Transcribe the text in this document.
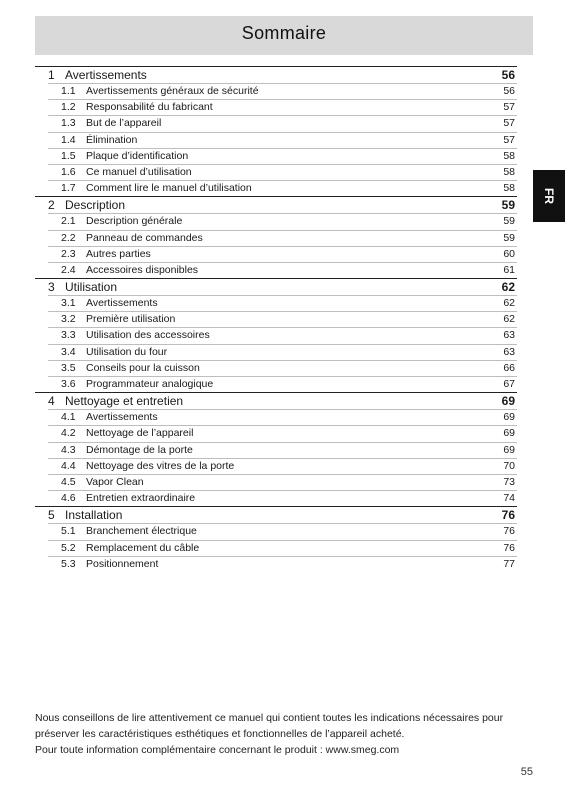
Sommaire
FR
1 Avertissements	56
1.1 Avertissements généraux de sécurité	56
1.2 Responsabilité du fabricant	57
1.3 But de l’appareil	57
1.4 Élimination	57
1.5 Plaque d’identification	58
1.6 Ce manuel d’utilisation	58
1.7 Comment lire le manuel d’utilisation	58
2 Description	59
2.1 Description générale	59
2.2 Panneau de commandes	59
2.3 Autres parties	60
2.4 Accessoires disponibles	61
3 Utilisation	62
3.1 Avertissements	62
3.2 Première utilisation	62
3.3 Utilisation des accessoires	63
3.4 Utilisation du four	63
3.5 Conseils pour la cuisson	66
3.6 Programmateur analogique	67
4 Nettoyage et entretien	69
4.1 Avertissements	69
4.2 Nettoyage de l’appareil	69
4.3 Démontage de la porte	69
4.4 Nettoyage des vitres de la porte	70
4.5 Vapor Clean	73
4.6 Entretien extraordinaire	74
5 Installation	76
5.1 Branchement électrique	76
5.2 Remplacement du câble	76
5.3 Positionnement	77

Nous conseillons de lire attentivement ce manuel qui contient toutes les indications nécessaires pour préserver les caractéristiques esthétiques et fonctionnelles de l’appareil acheté.

Pour toute information complémentaire concernant le produit : www.smeg.com

55
